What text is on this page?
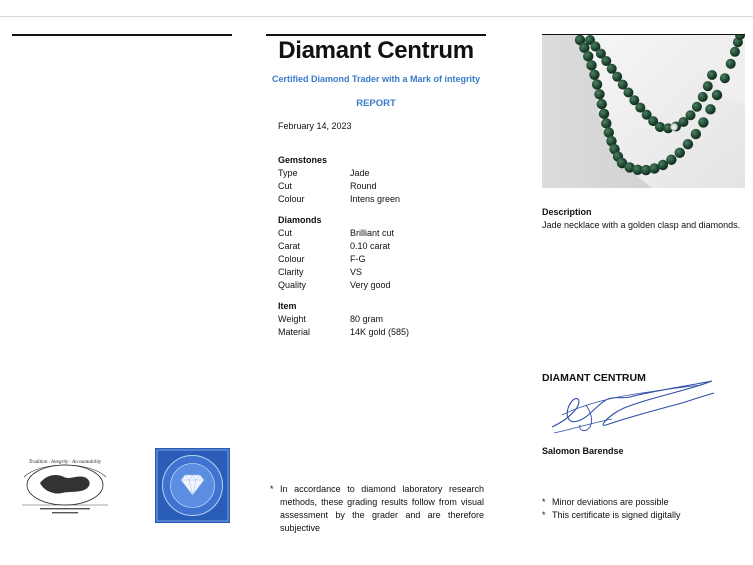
Diamant Centrum
Certified Diamond Trader with a Mark of integrity
REPORT
February 14, 2023
Gemstones
Type	Jade
Cut	Round
Colour	Intens green
Diamonds
Cut	Brilliant cut
Carat	0.10 carat
Colour	F-G
Clarity	VS
Quality	Very good
Item
Weight	80 gram
Material	14K gold (585)
Description
Jade necklace with a golden clasp and diamonds.
DIAMANT CENTRUM
Salomon Barendse
* In accordance to diamond laboratory research methods, these grading results follow from visual assessment by the grader and are therefore subjective
* Minor deviations are possible
* This certificate is signed digitally
Tradition · Integrity · Accountability
